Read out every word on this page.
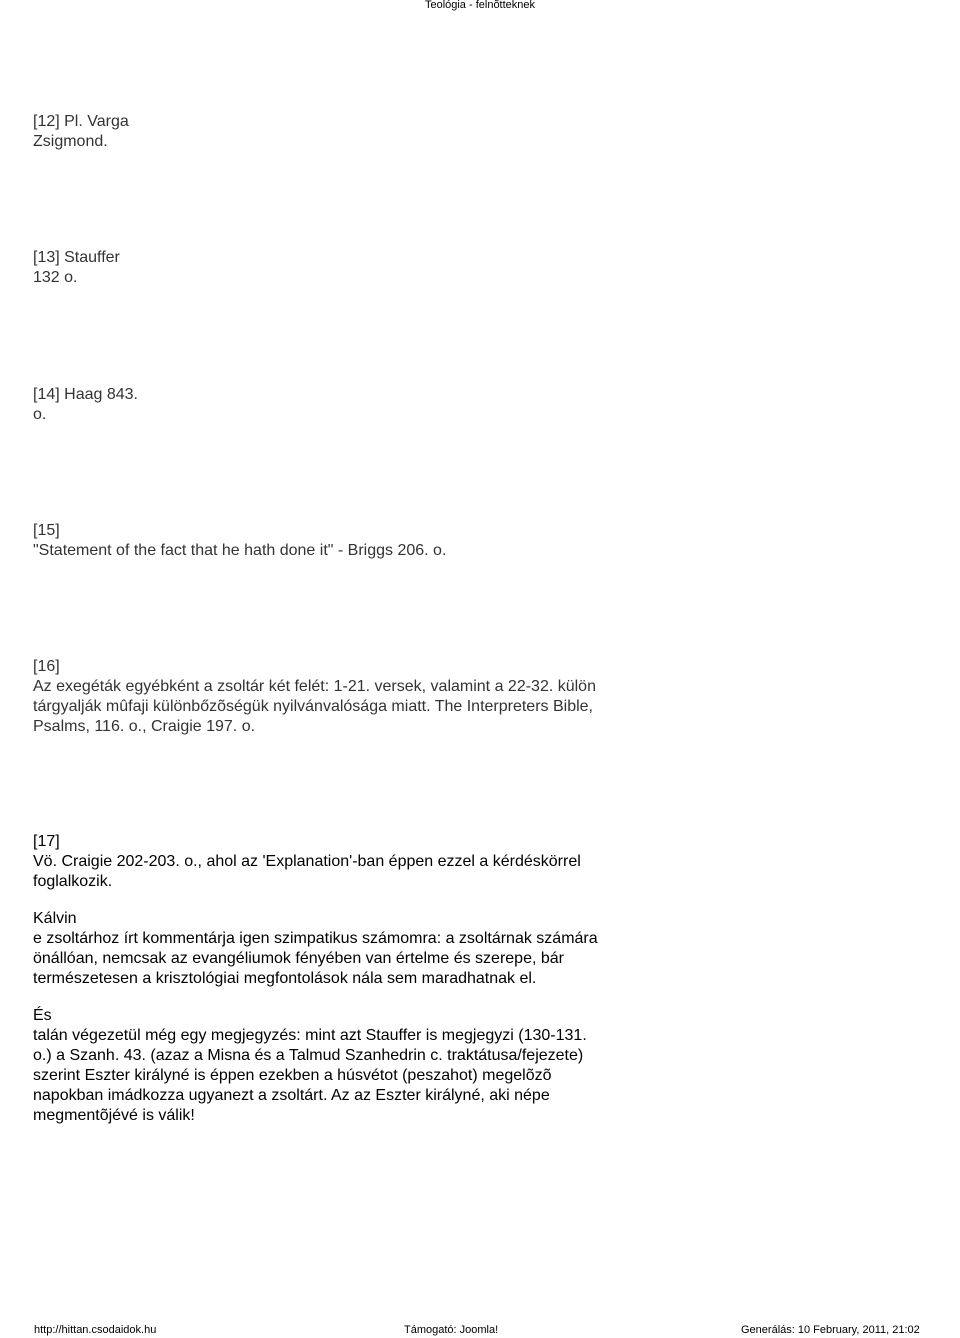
Teológia - felnõtteknek
[12] Pl. Varga
Zsigmond.
[13] Stauffer
132 o.
[14] Haag 843.
o.
[15]
"Statement of the fact that he hath done it" - Briggs 206. o.
[16]
Az exegéták egyébként a zsoltár két felét: 1-21. versek, valamint a 22-32. külön
tárgyalják mûfaji különbőzõségük nyilvánvalósága miatt. The Interpreters Bible,
Psalms, 116. o., Craigie 197. o.
[17]
Vö. Craigie 202-203. o., ahol az 'Explanation'-ban éppen ezzel a kérdéskörrel
foglalkozik.
Kálvin
e zsoltárhoz írt kommentárja igen szimpatikus számomra: a zsoltárnak számára
önállóan, nemcsak az evangéliumok fényében van értelme és szerepe, bár
természetesen a krisztológiai megfontolások nála sem maradhatnak el.
És
talán végezetül még egy megjegyzés: mint azt Stauffer is megjegyzi (130-131.
o.) a Szanh. 43. (azaz a Misna és a Talmud Szanhedrin c. traktátusa/fejezete)
szerint Eszter királyné is éppen ezekben a húsvétot (peszahot) megelõzõ
napokban imádkozza ugyanezt a zsoltárt. Az az Eszter királyné, aki népe
megmentõjévé is válik!
http://hittan.csodaidok.hu	Támogató: Joomla!	Generálás: 10 February, 2011, 21:02
